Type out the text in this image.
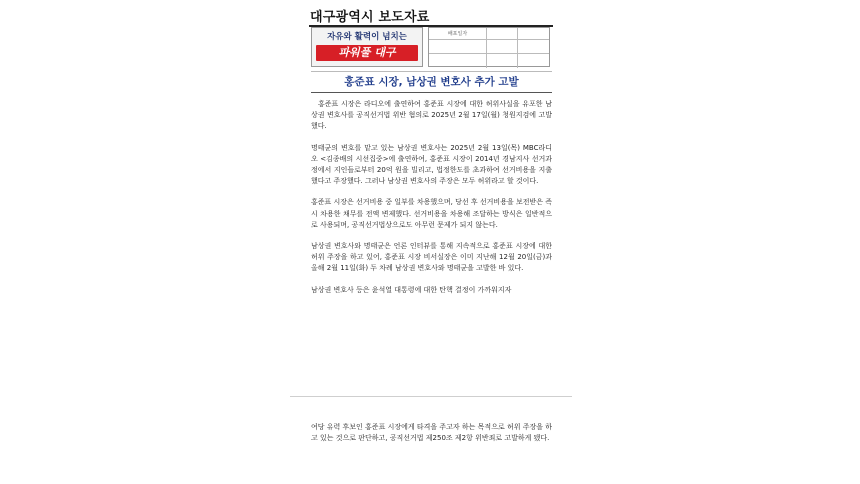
대구광역시 보도자료
자유와 활력이 넘치는
파워풀 대구
배포일자
홍준표 시장, 남상권 변호사 추가 고발

홍준표 시장은 라디오에 출연하여 홍준표 시장에 대한 허위사실을 유포한 남상권 변호사를 공직선거법 위반 혐의로 2025년 2월 17일(월) 청원지검에 고발했다.

명태균의 변호를 맡고 있는 남상권 변호사는 2025년 2월 13일(목) MBC라디오 <김종배의 시선집중>에 출연하여, 홍준표 시장이 2014년 경남지사 선거과정에서 지인들로부터 20억 원을 빌리고, 법정한도를 초과하여 선거비용을 지출했다고 주장했다. 그러나 남상권 변호사의 주장은 모두 허위라고 할 것이다.

홍준표 시장은 선거비용 중 일부를 차용했으며, 당선 후 선거비용을 보전받은 즉시 차용한 채무를 전액 변제했다. 선거비용을 차용해 조달하는 방식은 일반적으로 사용되며, 공직선거법상으로도 아무런 문제가 되지 않는다.

남상권 변호사와 명태균은 언론 인터뷰를 통해 지속적으로 홍준표 시장에 대한 허위 주장을 하고 있어, 홍준표 시장 비서실장은 이미 지난해 12월 20일(금)과 올해 2월 11일(화) 두 차례 남상권 변호사와 명태균을 고발한 바 있다.

남상권 변호사 등은 윤석열 대통령에 대한 탄핵 결정이 가까워지자

여당 유력 후보인 홍준표 시장에게 타격을 주고자 하는 목적으로 허위 주장을 하고 있는 것으로 판단하고, 공직선거법 제250조 제2항 위반죄로 고발하게 됐다.
